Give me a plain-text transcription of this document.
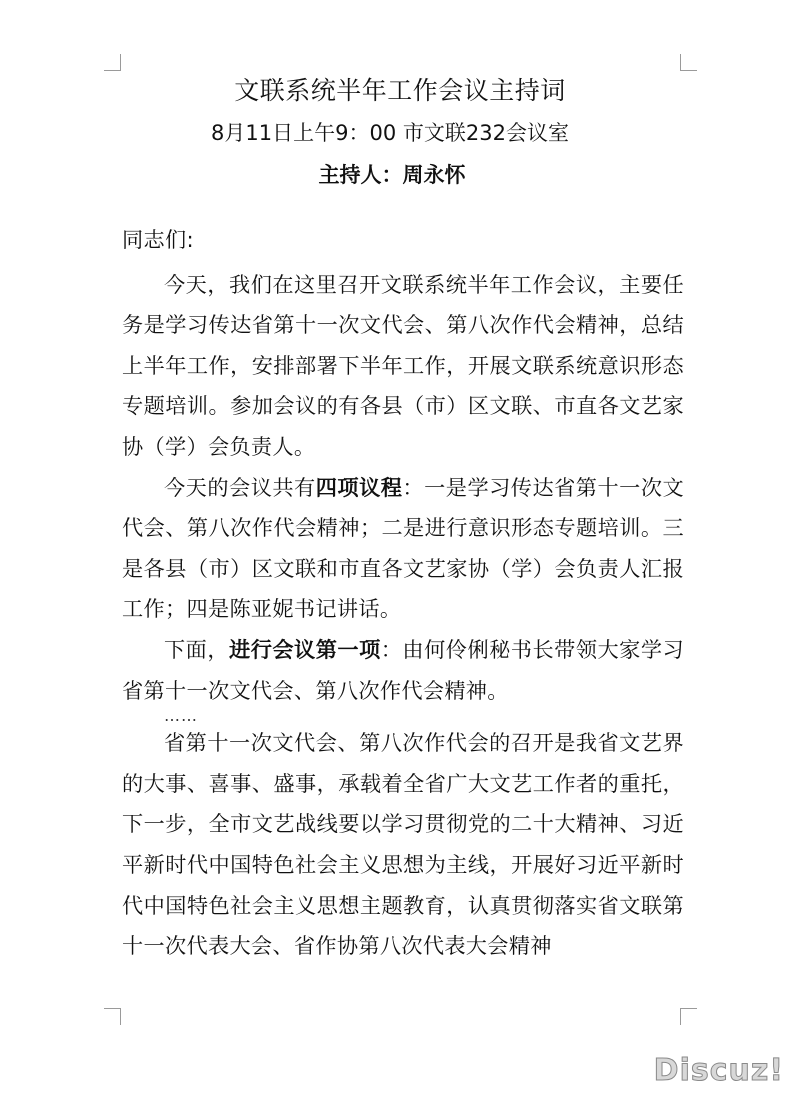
文联系统半年工作会议主持词
8月11日上午9：00 市文联232会议室
主持人：周永怀

同志们:

今天，我们在这里召开文联系统半年工作会议，主要任务是学习传达省第十一次文代会、第八次作代会精神，总结上半年工作，安排部署下半年工作，开展文联系统意识形态专题培训。参加会议的有各县（市）区文联、市直各文艺家协（学）会负责人。

今天的会议共有四项议程：一是学习传达省第十一次文代会、第八次作代会精神；二是进行意识形态专题培训。三是各县（市）区文联和市直各文艺家协（学）会负责人汇报工作；四是陈亚妮书记讲话。

下面，进行会议第一项：由何伶俐秘书长带领大家学习省第十一次文代会、第八次作代会精神。

……

省第十一次文代会、第八次作代会的召开是我省文艺界的大事、喜事、盛事，承载着全省广大文艺工作者的重托，下一步，全市文艺战线要以学习贯彻党的二十大精神、习近平新时代中国特色社会主义思想为主线，开展好习近平新时代中国特色社会主义思想主题教育，认真贯彻落实省文联第十一次代表大会、省作协第八次代表大会精神

Discuz!
